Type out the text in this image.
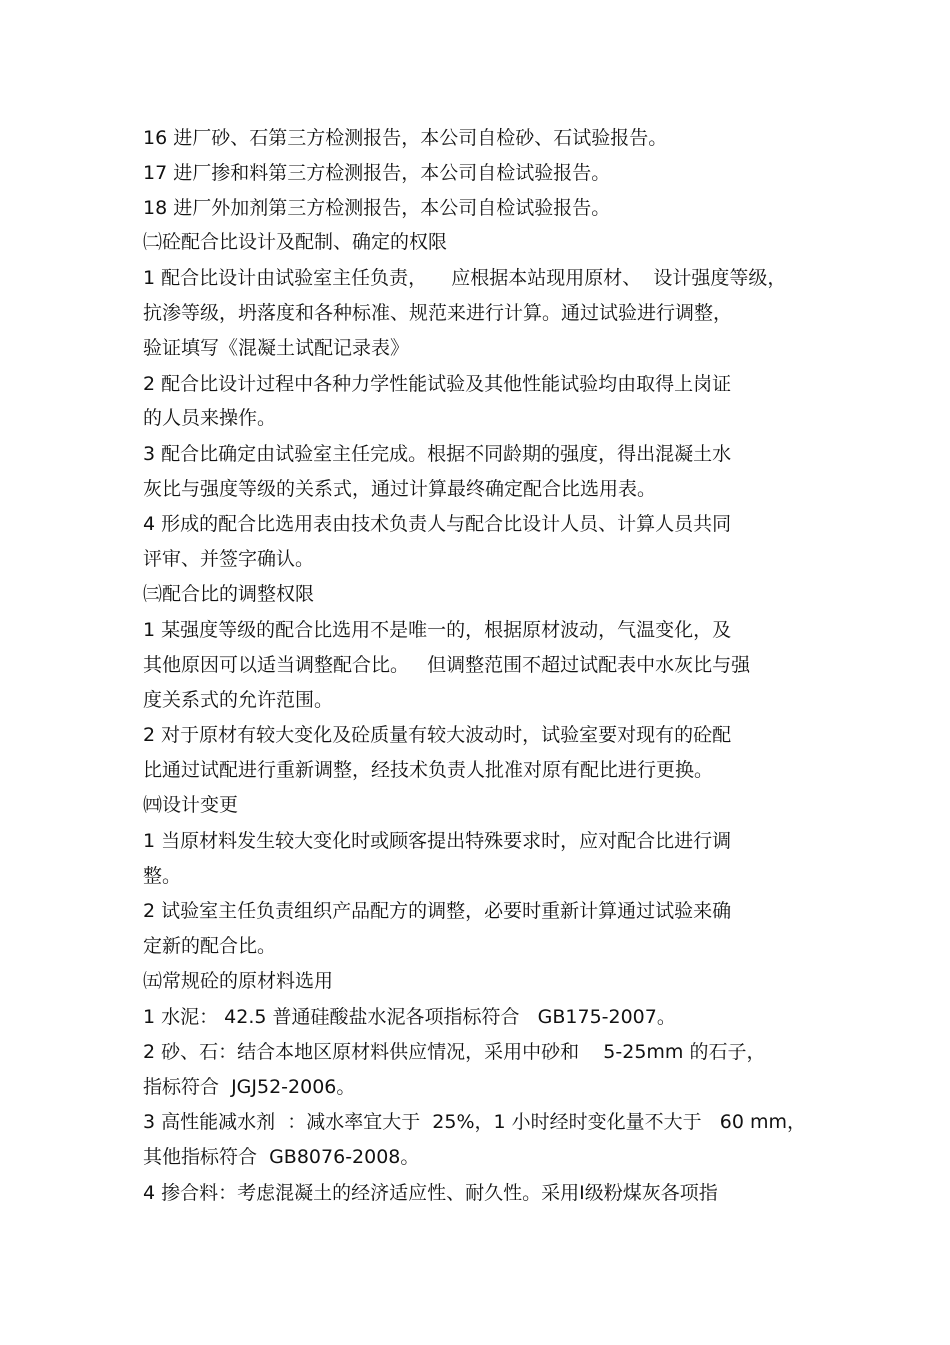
16 进厂砂、石第三方检测报告，本公司自检砂、石试验报告。
17 进厂掺和料第三方检测报告，本公司自检试验报告。
18 进厂外加剂第三方检测报告，本公司自检试验报告。
㈡砼配合比设计及配制、确定的权限
1 配合比设计由试验室主任负责，    应根据本站现用原材、  设计强度等级，
抗渗等级，坍落度和各种标准、规范来进行计算。通过试验进行调整，
验证填写《混凝土试配记录表》
2 配合比设计过程中各种力学性能试验及其他性能试验均由取得上岗证
的人员来操作。
3 配合比确定由试验室主任完成。根据不同龄期的强度，得出混凝土水
灰比与强度等级的关系式，通过计算最终确定配合比选用表。
4 形成的配合比选用表由技术负责人与配合比设计人员、计算人员共同
评审、并签字确认。
㈢配合比的调整权限
1 某强度等级的配合比选用不是唯一的，根据原材波动，气温变化，及
其他原因可以适当调整配合比。   但调整范围不超过试配表中水灰比与强
度关系式的允许范围。
2 对于原材有较大变化及砼质量有较大波动时，试验室要对现有的砼配
比通过试配进行重新调整，经技术负责人批准对原有配比进行更换。
㈣设计变更
1 当原材料发生较大变化时或顾客提出特殊要求时，应对配合比进行调
整。
2 试验室主任负责组织产品配方的调整，必要时重新计算通过试验来确
定新的配合比。
㈤常规砼的原材料选用
1 水泥： 42.5 普通硅酸盐水泥各项指标符合   GB175-2007。
2 砂、石：结合本地区原材料供应情况，采用中砂和    5-25mm 的石子，
指标符合  JGJ52-2006。
3 高性能减水剂  ：减水率宜大于  25%，1 小时经时变化量不大于   60 mm，
其他指标符合  GB8076-2008。
4 掺合料：考虑混凝土的经济适应性、耐久性。采用Ⅰ级粉煤灰各项指
